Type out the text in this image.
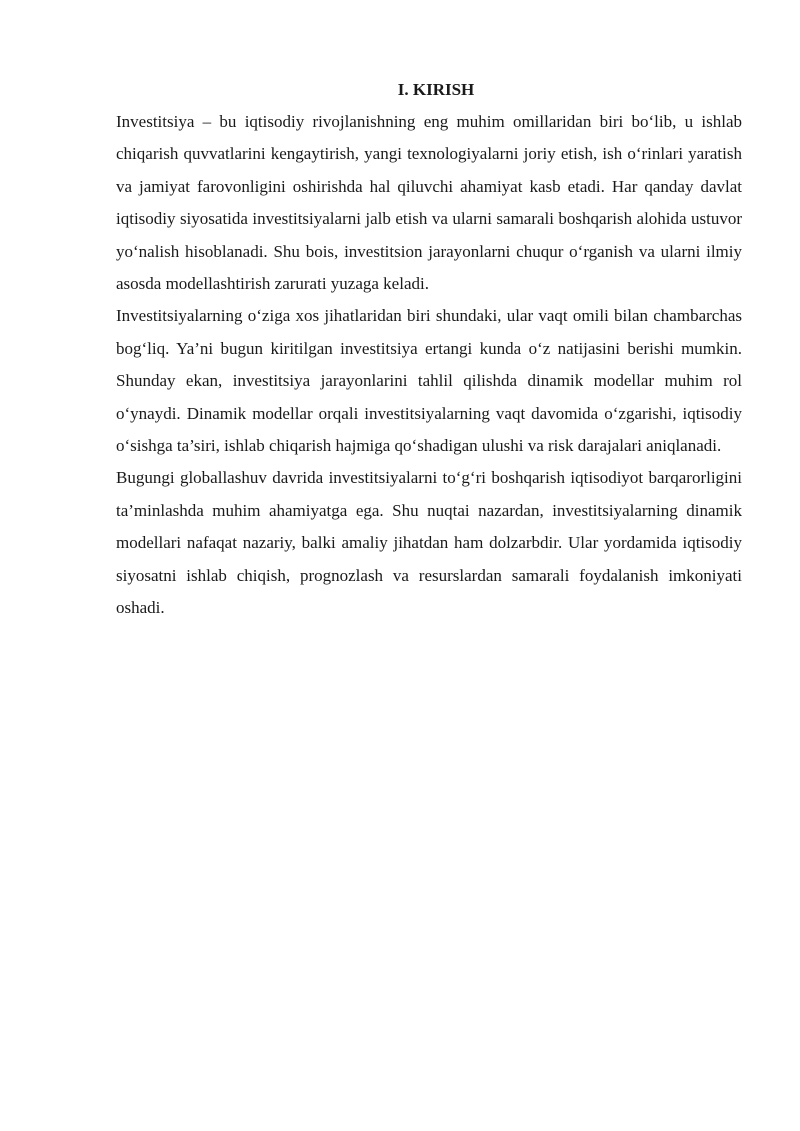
I. KIRISH

Investitsiya – bu iqtisodiy rivojlanishning eng muhim omillaridan biri bo‘lib, u ishlab chiqarish quvvatlarini kengaytirish, yangi texnologiyalarni joriy etish, ish o‘rinlari yaratish va jamiyat farovonligini oshirishda hal qiluvchi ahamiyat kasb etadi. Har qanday davlat iqtisodiy siyosatida investitsiyalarni jalb etish va ularni samarali boshqarish alohida ustuvor yo‘nalish hisoblanadi. Shu bois, investitsion jarayonlarni chuqur o‘rganish va ularni ilmiy asosda modellashtirish zarurati yuzaga keladi.

Investitsiyalarning o‘ziga xos jihatlaridan biri shundaki, ular vaqt omili bilan chambarchas bog‘liq. Ya’ni bugun kiritilgan investitsiya ertangi kunda o‘z natijasini berishi mumkin. Shunday ekan, investitsiya jarayonlarini tahlil qilishda dinamik modellar muhim rol o‘ynaydi. Dinamik modellar orqali investitsiyalarning vaqt davomida o‘zgarishi, iqtisodiy o‘sishga ta’siri, ishlab chiqarish hajmiga qo‘shadigan ulushi va risk darajalari aniqlanadi.

Bugungi globallashuv davrida investitsiyalarni to‘g‘ri boshqarish iqtisodiyot barqarorligini ta’minlashda muhim ahamiyatga ega. Shu nuqtai nazardan, investitsiyalarning dinamik modellari nafaqat nazariy, balki amaliy jihatdan ham dolzarbdir. Ular yordamida iqtisodiy siyosatni ishlab chiqish, prognozlash va resurslardan samarali foydalanish imkoniyati oshadi.
